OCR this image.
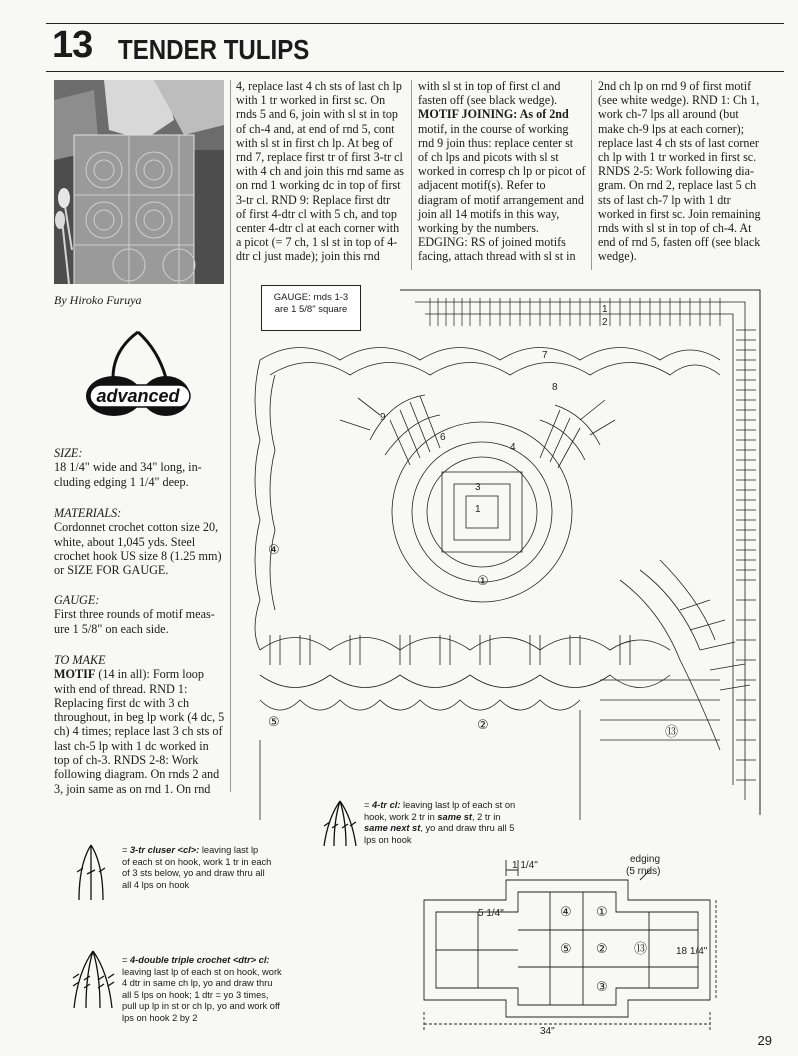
13 TENDER TULIPS
By Hiroko Furuya
advanced
SIZE:
18 1/4" wide and 34" long, in-
cluding edging 1 1/4" deep.
MATERIALS:
Cordonnet crochet cotton size 20,
white, about 1,045 yds. Steel
crochet hook US size 8 (1.25 mm)
or SIZE FOR GAUGE.
GAUGE:
First three rounds of motif meas-
ure 1 5/8" on each side.
TO MAKE
MOTIF (14 in all): Form loop
with end of thread. RND 1:
Replacing first dc with 3 ch
throughout, in beg lp work (4 dc, 5
ch) 4 times; replace last 3 ch sts of
last ch-5 lp with 1 dc worked in
top of ch-3. RNDS 2-8: Work
following diagram. On rnds 2 and
3, join same as on rnd 1. On rnd
4, replace last 4 ch sts of last ch lp
with 1 tr worked in first sc. On
rnds 5 and 6, join with sl st in top
of ch-4 and, at end of rnd 5, cont
with sl st in first ch lp. At beg of
rnd 7, replace first tr of first 3-tr cl
with 4 ch and join this rnd same as
on rnd 1 working dc in top of first
3-tr cl. RND 9: Replace first dtr
of first 4-dtr cl with 5 ch, and top
center 4-dtr cl at each corner with
a picot (= 7 ch, 1 sl st in top of 4-
dtr cl just made); join this rnd
with sl st in top of first cl and
fasten off (see black wedge).
MOTIF JOINING: As of 2nd
motif, in the course of working
rnd 9 join thus: replace center st
of ch lps and picots with sl st
worked in corresp ch lp or picot of
adjacent motif(s). Refer to
diagram of motif arrangement and
join all 14 motifs in this way,
working by the numbers.
EDGING: RS of joined motifs
facing, attach thread with sl st in
2nd ch lp on rnd 9 of first motif
(see white wedge). RND 1: Ch 1,
work ch-7 lps all around (but
make ch-9 lps at each corner);
replace last 4 ch sts of last corner
ch lp with 1 tr worked in first sc.
RNDS 2-5: Work following dia-
gram. On rnd 2, replace last 5 ch
sts of last ch-7 lp with 1 dtr
worked in first sc. Join remaining
rnds with sl st in top of ch-4. At
end of rnd 5, fasten off (see black
wedge).
GAUGE: rnds 1-3
are 1 5/8" square	1
2
7
8
9
1
3
4
6
①
②
④
⑤
⑬
= 4-tr cl: leaving last lp of each st on
hook, work 2 tr in same st, 2 tr in
same next st, yo and draw thru all 5
lps on hook
= 3-tr cluser <cl>: leaving last lp
of each st on hook, work 1 tr in each
of 3 sts below, yo and draw thru all
all 4 lps on hook
= 4-double triple crochet <dtr> cl:
leaving last lp of each st on hook, work
4 dtr in same ch lp, yo and draw thru
all 5 lps on hook; 1 dtr = yo 3 times,
pull up lp in st or ch lp, yo and work off
lps on hook 2 by 2
edging
(5 rnds)
1 1/4"
5 1/4"
18 1/4"
34"
④ ①
⑤ ② ⑬
③
29
